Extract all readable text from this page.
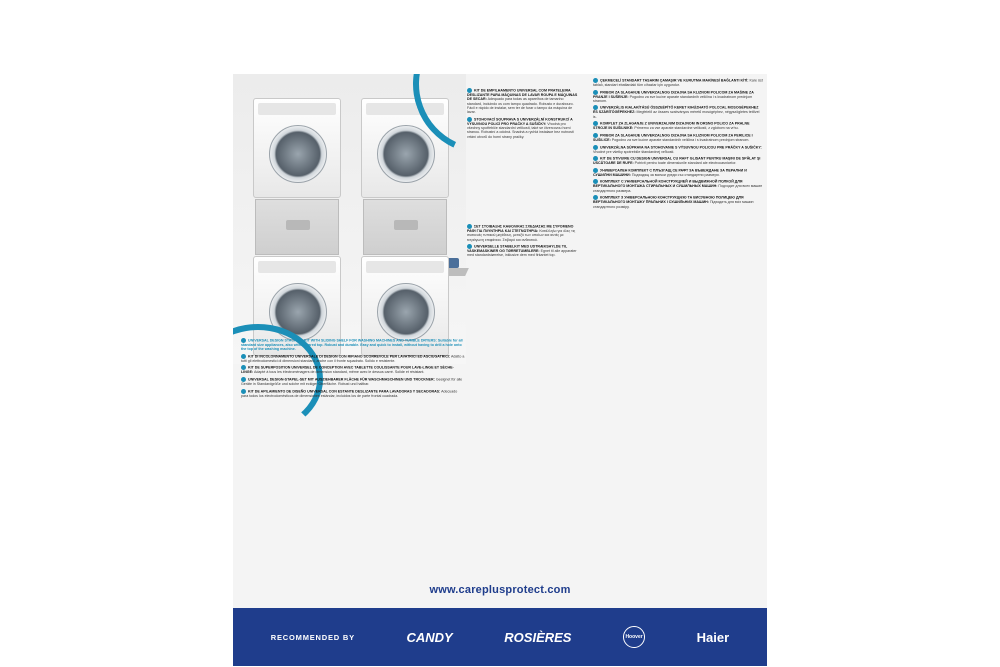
KIT DE EMPILHAMENTO UNIVERSAL COM PRATELEIRA DESLIZANTE PARA MÁQUINAS DE LAVAR ROUPA E MÁQUINAS DE SECAR: Adequado para todas as aparelhos de tamanho standard, incluindo os com tampo quadrado. Robusto e durabouro. Fácil e rápido de instalar, sem ter de furar o tampo da máquina de lavar.
STOHOVACÍ SOUPRAVA S UNIVERZÁLNÍ KONSTRUKCÍ A VÝSUVNOU POLICÍ PRO PRAČKY A SUŠIČKY: Vhodná pro všechny spotřebiče standardní velikosti, také se čtvercovou horní stranou. Robustní a odolná. Snadná a rychlá instalace bez nutnosti vrtání otvorů do horní strany pračky.
ΣΕΤ ΣΤΟΙΒΑΞΗΣ ΚΑΘΟΛΙΚΗΣ ΣΧΕΔΙΑΣΗΣ ΜΕ ΣΥΡΟΜΕΝΟ ΡΑΦΙ ΓΙΑ ΠΛΥΝΤΗΡΙΑ ΚΑΙ ΣΤΕΓΝΩΤΗΡΙΑ: Κατάλληλο για όλες τις συσκευές τυπικού μεγέθους, μεταξύ των οποίων και αυτές με τετράγωνη επιφάνεια. Στιβαρό και ανθεκτικό.
UNIVERSELLE STABELKIT MED UDTRÆKSHYLDE TIL VASKEMASKINER OG TØRRETUMBLERE: Egnet til alle apparater med standardstørrelse, inklusive dem med firkantet top.
UNIVERSAL DESIGN STACKING KIT WITH SLIDING SHELF FOR WASHING MACHINES AND TUMBLE DRYERS: Suitable for all standard size appliances, also with squared top. Robust and durable. Easy and quick to install, without having to drill a hole onto the top of the washing machine.
KIT DI INCOLONNAMENTO UNIVERSALE DI DESIGN CON RIPIANO SCORREVOLE PER LAVATRICI ED ASCIUGATRICI: Adatto a tutti gli elettrodomestici di dimensioni standard, anche con il fronte squadrato. Solido e resistente.
KIT DE SUPERPOSITION UNIVERSEL DE CONCEPTION AVEC TABLETTE COULISSANTE POUR LAVE-LINGE ET SÈCHE-LINGE: Adapté à tous les électroménagers de dimension standard, même avec le dessus carré. Solide et résistant.
UNIVERSAL DESIGN-STAPEL-SET MIT AUSZIEHBARER FLÄCHE FÜR WASCHMASCHINEN UND TROCKNER: Geeignet für alle Geräte in Standardgröße und solche mit eckiger Oberfläche. Robust und haltbar.
KIT DE APILAMIENTO DE DISEÑO UNIVERSAL CON ESTANTE DESLIZANTE PARA LAVADORAS Y SECADORAS: Adecuado para todos los electrodomésticos de dimensiones estándar, incluidos los de parte frontal cuadrada.
ÇEKMECELİ STANDART TASARIM ÇAMAŞIR VE KURUTMA MAKİNESİ BAĞLANTI KİTİ: Kare üst tablalı, standart ebatlardaki tüm cihazlar için uygundur.
PRIBOR ZA SLAGANJE UNIVERZALNOG DIZAJNA SA KLIZNOM POLICOM ZA MAŠINE ZA PRANJE I SUŠENJE: Pogodno za sve kućne aparate standardnih veličina i s kvadratnom prednjom stranom.
UNIVERZÁLIS KIALAKÍTÁSÚ ÖSSZEÉPÍTŐ KERET KIHÚZHATÓ POLCCAL MOSOGÉPEKHEZ ÉS SZÁRÍTÓGÉPEKHEZ: Megfelelő az összes szabványos méretű mosógéphez, négyszögletes tetővel is.
KOMPLET ZA ZLAGANJE Z UNIVERZALNIM DIZAJNOM IN DRSNO POLICO ZA PRALNE STROJE IN SUŠILNIKE: Primerno za vse aparate standardne velikosti, z zglobom na vrhu.
PRIBOR ZA SLAGANJE UNIVERZALNOG DIZAJNA SA KLIZNOM POLICOM ZA PERILICE I SUŠILICE: Pogodno za sve kućne aparate standardnih veličina i s kvadratnom prednjom stranom.
UNIVERZÁLNA SÚPRAVA NA STOHOVANIE S VÝSUVNOU POLICOU PRE PRÁČKY A SUŠIČKY: Vhodné pre všetky spotrebiče štandardnej veľkosti.
KIT DE STIVUIRE CU DESIGN UNIVERSAL CU RAFT GLISANT PENTRU MAȘINI DE SPĂLAT ȘI USCĂTOARE DE RUFE: Potrivit pentru toate dimensiunile standard ale electrocasnicelor.
УНИВЕРСАЛЕН КОМПЛЕКТ С ПЛЪЗГАЩ СЕ РАФТ ЗА ВЪВЕЖДАНЕ ЗА ПЕРАЛНИ И СУШИЛНИ МАШИНИ: Подходящ за всички уреди със стандартни размери.
КОМПЛЕКТ С УНИВЕРСАЛЬНОЙ КОНСТРУКЦИЕЙ И ВЫДВИЖНОЙ ПОЛКОЙ ДЛЯ ВЕРТИКАЛЬНОГО МОНТАЖА СТИРАЛЬНЫХ И СУШИЛЬНЫХ МАШИН: Подходит для всех машин стандартного размера.
КОМПЛЕКТ З УНІВЕРСАЛЬНОЮ КОНСТРУКЦІЄЮ ТА ВИСУВНОЮ ПОЛИЦЕЮ ДЛЯ ВЕРТИКАЛЬНОГО МОНТАЖУ ПРАЛЬНИХ І СУШИЛЬНИХ МАШИН: Підходить для всіх машин стандартного розміру.
www.careplusprotect.com
RECOMMENDED BY	CANDY	ROSIÈRES	Hoover	Haier
